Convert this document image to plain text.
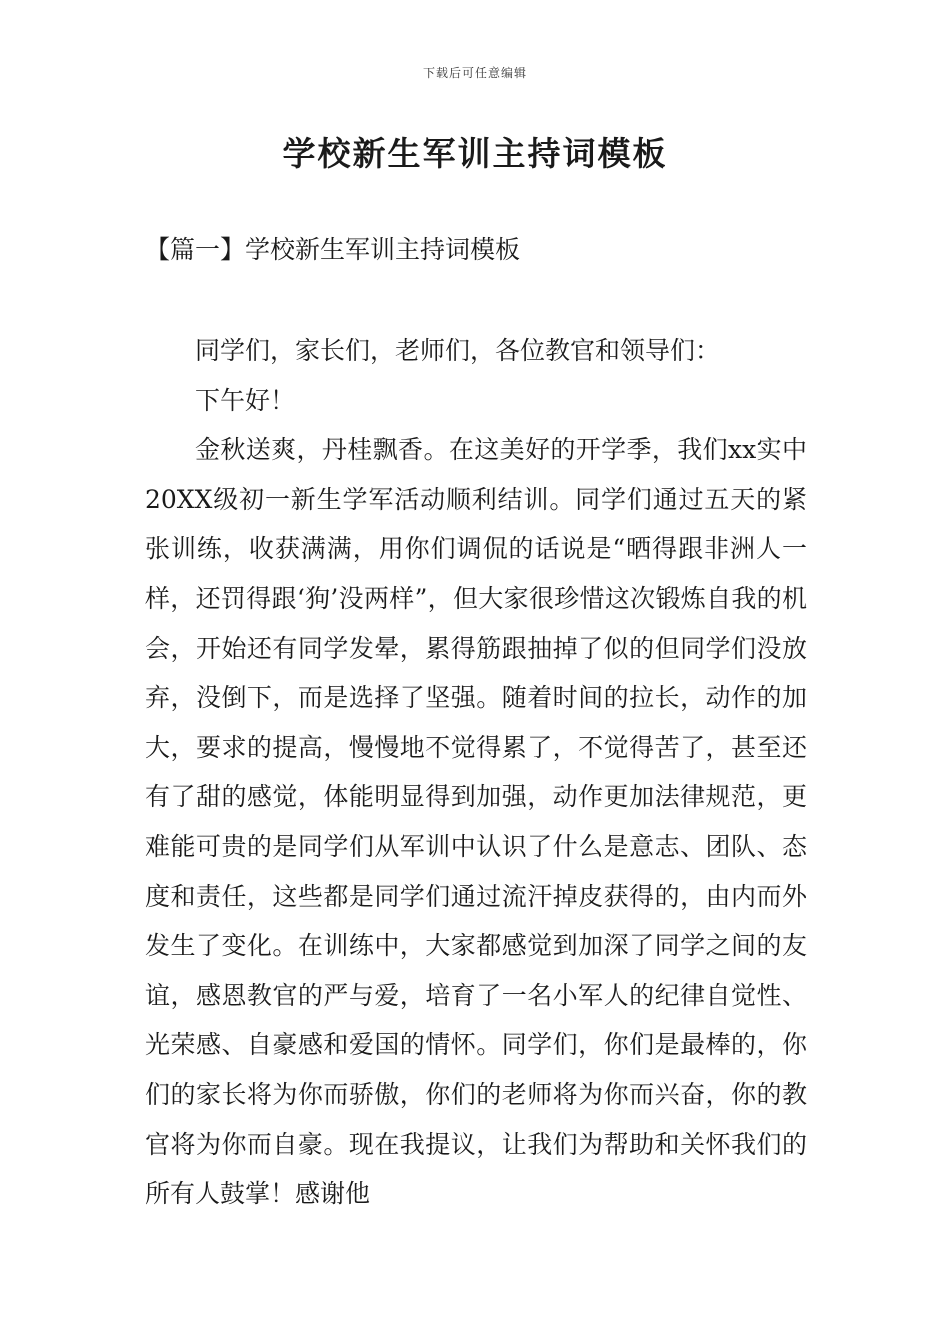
下载后可任意编辑
学校新生军训主持词模板
【篇一】学校新生军训主持词模板

同学们，家长们，老师们，各位教官和领导们：

下午好！

金秋送爽，丹桂飘香。在这美好的开学季，我们xx实中20XX级初一新生学军活动顺利结训。同学们通过五天的紧张训练，收获满满，用你们调侃的话说是“晒得跟非洲人一样，还罚得跟‘狗’没两样”，但大家很珍惜这次锻炼自我的机会，开始还有同学发晕，累得筋跟抽掉了似的但同学们没放弃，没倒下，而是选择了坚强。随着时间的拉长，动作的加大，要求的提高，慢慢地不觉得累了，不觉得苦了，甚至还有了甜的感觉，体能明显得到加强，动作更加法律规范，更难能可贵的是同学们从军训中认识了什么是意志、团队、态度和责任，这些都是同学们通过流汗掉皮获得的，由内而外发生了变化。在训练中，大家都感觉到加深了同学之间的友谊，感恩教官的严与爱，培育了一名小军人的纪律自觉性、光荣感、自豪感和爱国的情怀。同学们，你们是最棒的，你们的家长将为你而骄傲，你们的老师将为你而兴奋，你的教官将为你而自豪。现在我提议，让我们为帮助和关怀我们的所有人鼓掌！感谢他
